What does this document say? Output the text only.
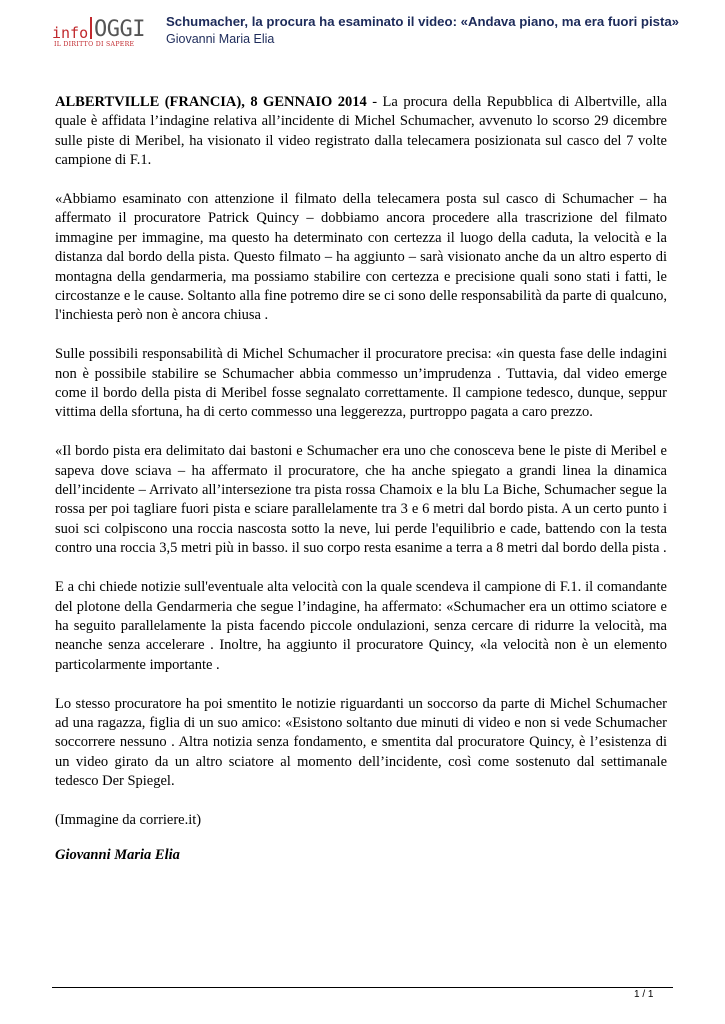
info OGGI
IL DIRITTO DI SAPERE
Schumacher, la procura ha esaminato il video: «Andava piano, ma era fuori pista»
Giovanni Maria Elia

ALBERTVILLE (FRANCIA), 8 GENNAIO 2014 - La procura della Repubblica di Albertville, alla quale è affidata l’indagine relativa all’incidente di Michel Schumacher, avvenuto lo scorso 29 dicembre sulle piste di Meribel, ha visionato il video registrato dalla telecamera posizionata sul casco del 7 volte campione di F.1.

«Abbiamo esaminato con attenzione il filmato della telecamera posta sul casco di Schumacher – ha affermato il procuratore Patrick Quincy – dobbiamo ancora procedere alla trascrizione del filmato immagine per immagine, ma questo ha determinato con certezza il luogo della caduta, la velocità e la distanza dal bordo della pista. Questo filmato – ha aggiunto – sarà visionato anche da un altro esperto di montagna della gendarmeria, ma possiamo stabilire con certezza e precisione quali sono stati i fatti, le circostanze e le cause. Soltanto alla fine potremo dire se ci sono delle responsabilità da parte di qualcuno, l'inchiesta però non è ancora chiusa .

Sulle possibili responsabilità di Michel Schumacher il procuratore precisa: «in questa fase delle indagini non è possibile stabilire se Schumacher abbia commesso un’imprudenza . Tuttavia, dal video emerge come il bordo della pista di Meribel fosse segnalato correttamente. Il campione tedesco, dunque, seppur vittima della sfortuna, ha di certo commesso una leggerezza, purtroppo pagata a caro prezzo.

«Il bordo pista era delimitato dai bastoni e Schumacher era uno che conosceva bene le piste di Meribel e sapeva dove sciava – ha affermato il procuratore, che ha anche spiegato a grandi linea la dinamica dell’incidente – Arrivato all’intersezione tra pista rossa Chamoix e la blu La Biche, Schumacher segue la rossa per poi tagliare fuori pista e sciare parallelamente tra 3 e 6 metri dal bordo pista. A un certo punto i suoi sci colpiscono una roccia nascosta sotto la neve, lui perde l'equilibrio e cade, battendo con la testa contro una roccia 3,5 metri più in basso. il suo corpo resta esanime a terra a 8 metri dal bordo della pista .

E a chi chiede notizie sull'eventuale alta velocità con la quale scendeva il campione di F.1. il comandante del plotone della Gendarmeria che segue l’indagine, ha affermato: «Schumacher era un ottimo sciatore e ha seguito parallelamente la pista facendo piccole ondulazioni, senza cercare di ridurre la velocità, ma neanche senza accelerare . Inoltre, ha aggiunto il procuratore Quincy, «la velocità non è un elemento particolarmente importante .

Lo stesso procuratore ha poi smentito le notizie riguardanti un soccorso da parte di Michel Schumacher ad una ragazza, figlia di un suo amico: «Esistono soltanto due minuti di video e non si vede Schumacher soccorrere nessuno . Altra notizia senza fondamento, e smentita dal procuratore Quincy, è l’esistenza di un video girato da un altro sciatore al momento dell’incidente, così come sostenuto dal settimanale tedesco Der Spiegel.

(Immagine da corriere.it)

Giovanni Maria Elia

1 / 1
